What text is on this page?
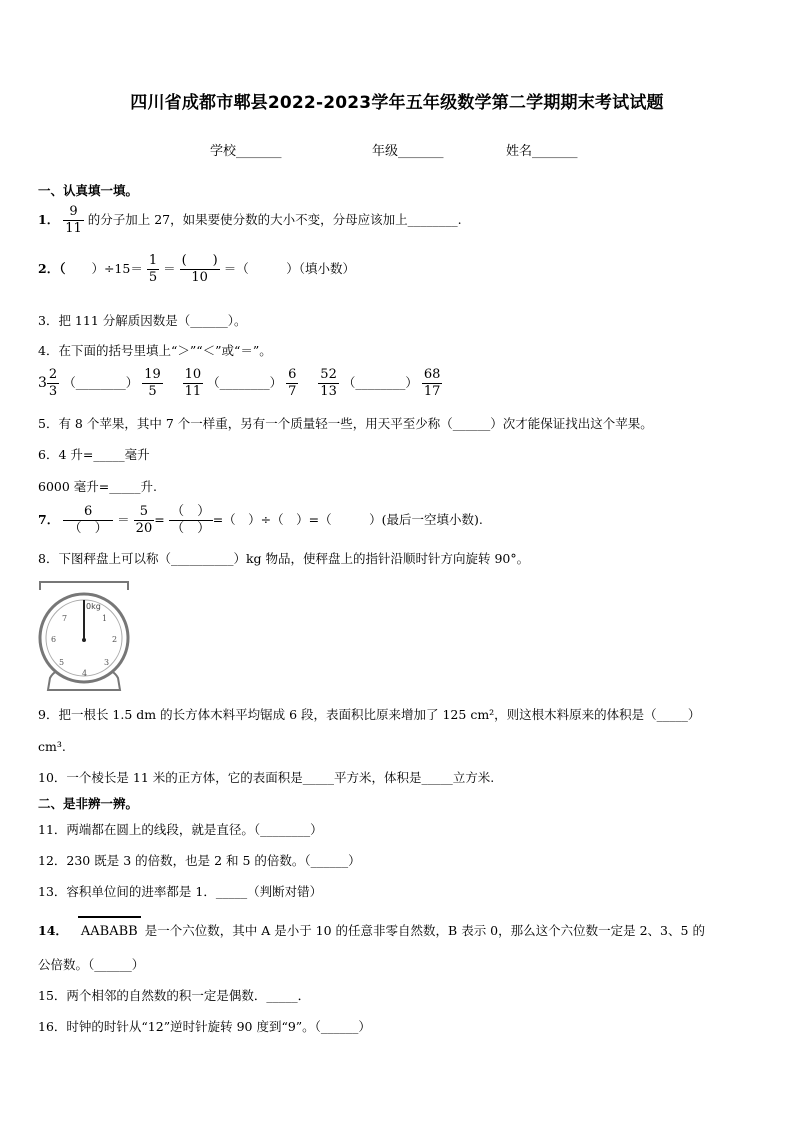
四川省成都市郫县2022-2023学年五年级数学第二学期期末考试试题
学校_______	年级_______	姓名_______
一、认真填一填。
1． $\frac{9}{11}$ 的分子加上 27，如果要使分数的大小不变，分母应该加上________.
2．（ ）$\div 15= \frac{1}{5} = \frac{( )}{10}$ ＝（　　　）（填小数）
3．把 111 分解质因数是（______）。
4．在下面的括号里填上“＞”“＜”或“＝”。
$3 \frac{2}{3}$ （________） $\frac{19}{5}$
$\frac{10}{11}$ （________） $\frac{6}{7}$
$\frac{52}{13}$ （________） $\frac{68}{17}$
5．有 8 个苹果，其中 7 个一样重，另有一个质量轻一些，用天平至少称（______）次才能保证找出这个苹果。
6．4 升=_____毫升
6000 毫升=_____升.
7． $\frac{6}{( )} = \frac{5}{20} = \frac{( )}{( )}$ =（　）÷（　）=（　　　）(最后一空填小数).
8．下图秤盘上可以称（__________）kg 物品，使秤盘上的指针沿顺时针方向旋转 90°。
0kg
7	1
6	2
5	3
4
9．把一根长 1.5 dm 的长方体木料平均锯成 6 段，表面积比原来增加了 125 cm²，则这根木料原来的体积是（_____）
cm³.
10．一个棱长是 11 米的正方体，它的表面积是_____平方米，体积是_____立方米.
二、是非辨一辨。
11．两端都在圆上的线段，就是直径。（________）
12．230 既是 3 的倍数，也是 2 和 5 的倍数。（______）
13．容积单位间的进率都是 1．_____（判断对错）
14． AABABB 是一个六位数，其中 A 是小于 10 的任意非零自然数，B 表示 0，那么这个六位数一定是 2、3、5 的
公倍数。（______）
15．两个相邻的自然数的积一定是偶数．_____．
16．时钟的时针从“12”逆时针旋转 90 度到“9”。（______）
